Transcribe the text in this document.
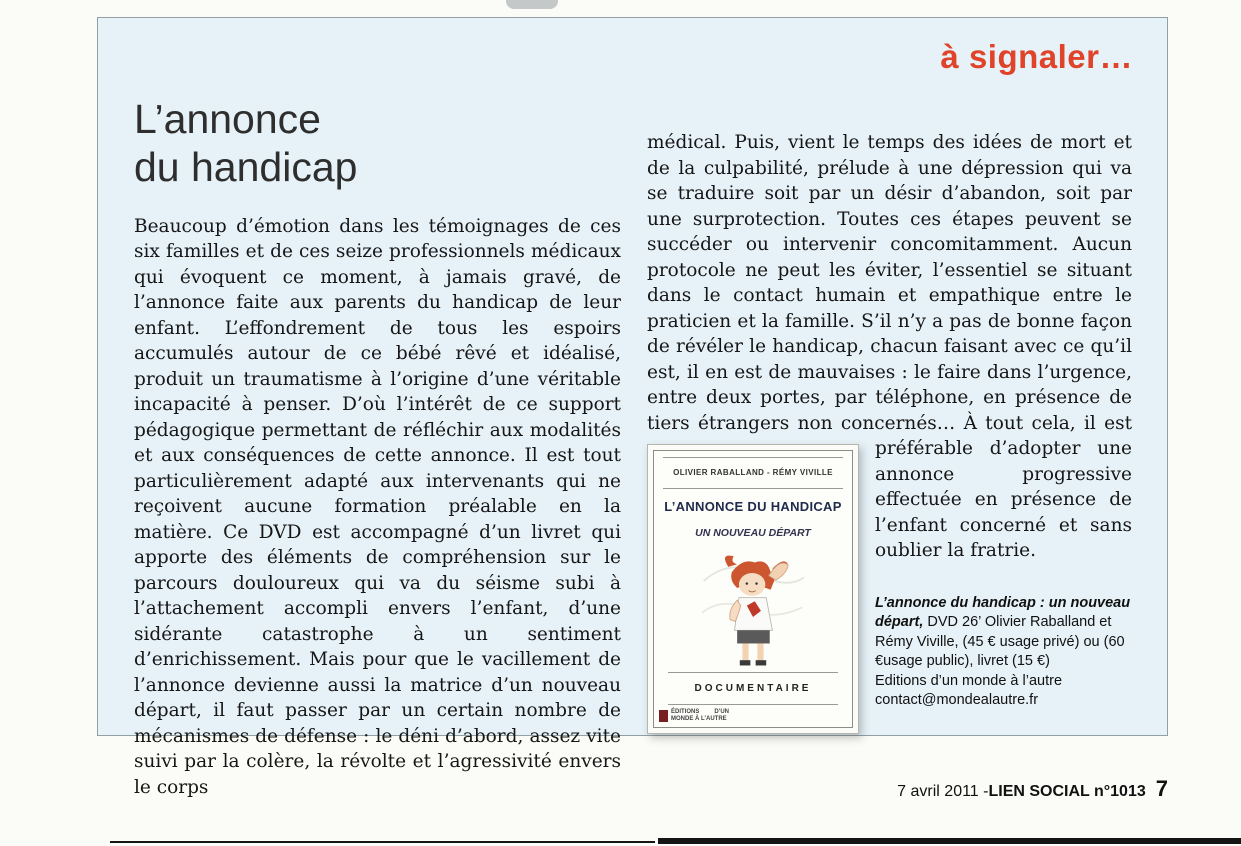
à signaler…
L’annonce
du handicap

Beaucoup d’émotion dans les témoignages de ces six familles et de ces seize professionnels médicaux qui évoquent ce moment, à jamais gravé, de l’annonce faite aux parents du handicap de leur enfant. L’effondrement de tous les espoirs accumulés autour de ce bébé rêvé et idéalisé, produit un traumatisme à l’origine d’une véritable incapacité à penser. D’où l’intérêt de ce support pédagogique permettant de réfléchir aux modalités et aux conséquences de cette annonce. Il est tout particulièrement adapté aux intervenants qui ne reçoivent aucune formation préalable en la matière. Ce DVD est accompagné d’un livret qui apporte des éléments de compréhension sur le parcours douloureux qui va du séisme subi à l’attachement accompli envers l’enfant, d’une sidérante catastrophe à un sentiment d’enrichissement. Mais pour que le vacillement de l’annonce devienne aussi la matrice d’un nouveau départ, il faut passer par un certain nombre de mécanismes de défense : le déni d’abord, assez vite suivi par la colère, la révolte et l’agressivité envers le corps

médical. Puis, vient le temps des idées de mort et de la culpabilité, prélude à une dépression qui va se traduire soit par un désir d’abandon, soit par une surprotection. Toutes ces étapes peuvent se succéder ou intervenir concomitamment. Aucun protocole ne peut les éviter, l’essentiel se situant dans le contact humain et empathique entre le praticien et la famille. S’il n’y a pas de bonne façon de révéler le handicap, chacun faisant avec ce qu’il est, il en est de mauvaises : le faire dans l’urgence, entre deux portes, par téléphone, en présence de tiers étrangers non concernés… À tout
OLIVIER RABALLAND - RÉMY VIVILLE
L’ANNONCE DU HANDICAP
UN NOUVEAU DÉPART
DOCUMENTAIRE
ÉDITIONS D’UN MONDE À L’AUTRE
cela, il est préférable d’adopter une annonce progressive effectuée en présence de l’enfant concerné et sans oublier la fratrie.

L’annonce du handicap : un nouveau départ, DVD 26’ Olivier Raballand et Rémy Viville, (45 € usage privé) ou (60 €usage public), livret (15 €)
Editions d’un monde à l’autre
contact@mondealautre.fr
7 avril 2011 - LIEN SOCIAL n°1013 7
